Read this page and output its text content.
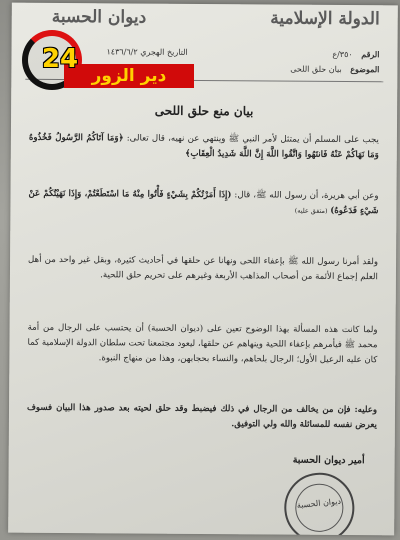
الدولة الإسلامية
ديوان الحسبة
الرقم ٣٥٠/ع
الموضوع بيان حلق اللحى
التاريخ الهجري ١٤٣٦/٦/٢
بيان منع حلق اللحى
يجب على المسلم أن يمتثل لأمر النبي ﷺ وينتهي عن نهيه، قال تعالى: ﴿وَمَا آتَاكُمُ الرَّسُولُ فَخُذُوهُ وَمَا نَهَاكُمْ عَنْهُ فَانتَهُوا وَاتَّقُوا اللَّهَ إِنَّ اللَّهَ شَدِيدُ الْعِقَابِ﴾
وعن أبي هريرة، أن رسول الله ﷺ، قال: (إِذَا أَمَرْتُكُمْ بِشَيْءٍ فَأْتُوا مِنْهُ مَا اسْتَطَعْتُمْ، وَإِذَا نَهَيْتُكُمْ عَنْ شَيْءٍ فَدَعُوهُ) (متفق عليه)
ولقد أمرنا رسول الله ﷺ بإعفاء اللحى ونهانا عن حلقها في أحاديث كثيرة، وبقل غير واحد من أهل العلم إجماع الأئمة من أصحاب المذاهب الأربعة وغيرهم على تحريم حلق اللحية.
ولما كانت هذه المسألة بهذا الوضوح تعين على (ديوان الحسبة) أن يحتسب على الرجال من أمة محمد ﷺ فيأمرهم بإعفاء اللحية وينهاهم عن حلقها، ليعود مجتمعنا تحت سلطان الدولة الإسلامية كما كان عليه الرعيل الأول؛ الرجال بلحاهم، والنساء بحجابهن، وهذا من منهاج النبوة.
وعليه: فإن من يخالف من الرجال في ذلك فيضبط وقد حلق لحيته بعد صدور هذا البيان فسوف يعرض نفسه للمسائلة والله ولي التوفيق.
أمير ديوان الحسبة
ديوان الحسبة
دير الزور
24
